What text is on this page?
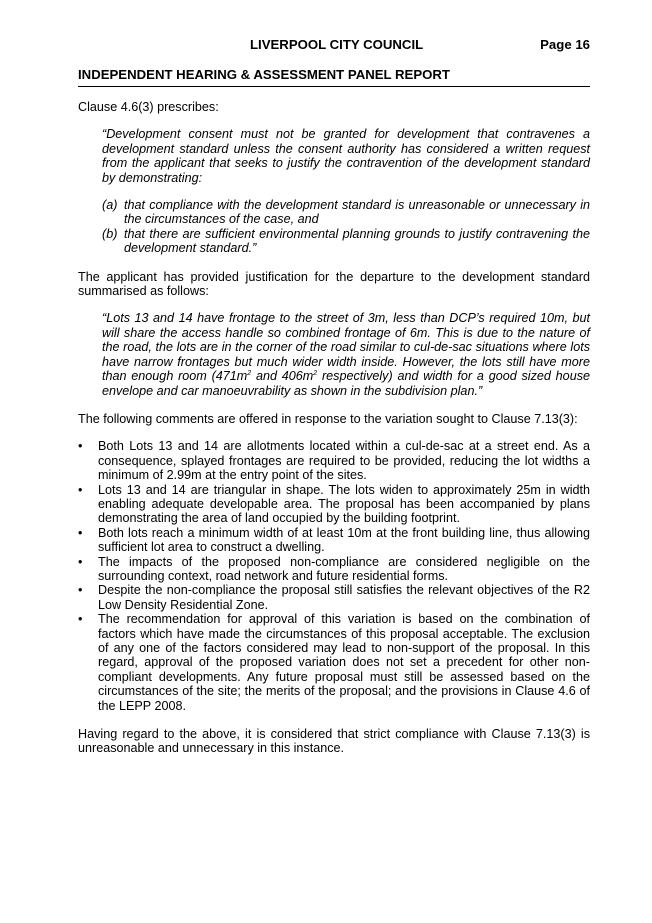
LIVERPOOL CITY COUNCIL	Page 16
INDEPENDENT HEARING & ASSESSMENT PANEL REPORT

Clause 4.6(3) prescribes:

“Development consent must not be granted for development that contravenes a development standard unless the consent authority has considered a written request from the applicant that seeks to justify the contravention of the development standard by demonstrating:

(a) that compliance with the development standard is unreasonable or unnecessary in the circumstances of the case, and
(b) that there are sufficient environmental planning grounds to justify contravening the development standard.”

The applicant has provided justification for the departure to the development standard summarised as follows:

“Lots 13 and 14 have frontage to the street of 3m, less than DCP’s required 10m, but will share the access handle so combined frontage of 6m. This is due to the nature of the road, the lots are in the corner of the road similar to cul-de-sac situations where lots have narrow frontages but much wider width inside. However, the lots still have more than enough room ($471m^2$ and $406m^2$ respectively) and width for a good sized house envelope and car manoeuvrability as shown in the subdivision plan.”

The following comments are offered in response to the variation sought to Clause 7.13(3):

• Both Lots 13 and 14 are allotments located within a cul-de-sac at a street end. As a consequence, splayed frontages are required to be provided, reducing the lot widths a minimum of 2.99m at the entry point of the sites.
• Lots 13 and 14 are triangular in shape. The lots widen to approximately 25m in width enabling adequate developable area. The proposal has been accompanied by plans demonstrating the area of land occupied by the building footprint.
• Both lots reach a minimum width of at least 10m at the front building line, thus allowing sufficient lot area to construct a dwelling.
• The impacts of the proposed non-compliance are considered negligible on the surrounding context, road network and future residential forms.
• Despite the non-compliance the proposal still satisfies the relevant objectives of the R2 Low Density Residential Zone.
• The recommendation for approval of this variation is based on the combination of factors which have made the circumstances of this proposal acceptable. The exclusion of any one of the factors considered may lead to non-support of the proposal. In this regard, approval of the proposed variation does not set a precedent for other non-compliant developments. Any future proposal must still be assessed based on the circumstances of the site; the merits of the proposal; and the provisions in Clause 4.6 of the LEPP 2008.

Having regard to the above, it is considered that strict compliance with Clause 7.13(3) is unreasonable and unnecessary in this instance.
